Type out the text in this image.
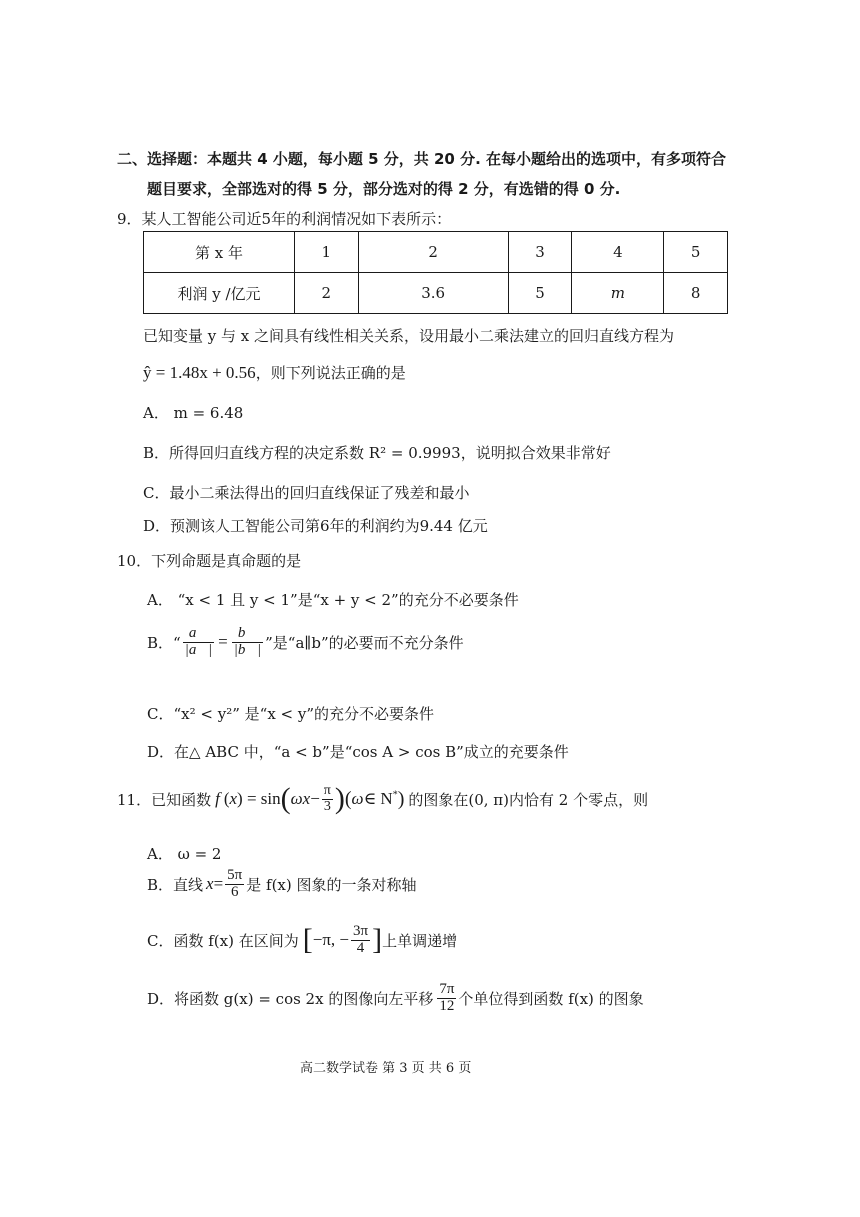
二、选择题：本题共 4 小题，每小题 5 分，共 20 分. 在每小题给出的选项中，有多项符合
题目要求，全部选对的得 5 分，部分选对的得 2 分，有选错的得 0 分.
9．某人工智能公司近5年的利润情况如下表所示：
第 x 年	1	2	3	4	5
利润 y /亿元	2	3.6	5	m	8
已知变量 y 与 x 之间具有线性相关关系，设用最小二乘法建立的回归直线方程为
ŷ = 1.48x + 0.56，则下列说法正确的是
A． m = 6.48
B．所得回归直线方程的决定系数 R² = 0.9993，说明拟合效果非常好
C．最小二乘法得出的回归直线保证了残差和最小
D．预测该人工智能公司第6年的利润约为9.44 亿元
10．下列命题是真命题的是
A． “x < 1 且 y < 1”是“x + y < 2”的充分不必要条件
B．“ $\frac{a⃗}{|a⃗|} = \frac{b⃗}{|b⃗|}$ ”是“a∥b”的必要而不充分条件
C．“x² < y²” 是“x < y”的充分不必要条件
D．在△ ABC 中，“a < b”是“cos A > cos B”成立的充要条件
11．已知函数 f ( x ) = sin ( $\omega x - \frac{\pi}{3}$ ) ( ω ∈ N* ) 的图象在(0, π)内恰有 2 个零点，则
A． ω = 2
B．直线 $x = \frac{5\pi}{6}$ 是 f(x) 图象的一条对称轴
C．函数 f(x) 在区间为 [ −π, − $\frac{3\pi}{4}$ ] 上单调递增
D．将函数 g(x) = cos 2x 的图像向左平移 $\frac{7\pi}{12}$ 个单位得到函数 f(x) 的图象
高二数学试卷 第 3 页 共 6 页
